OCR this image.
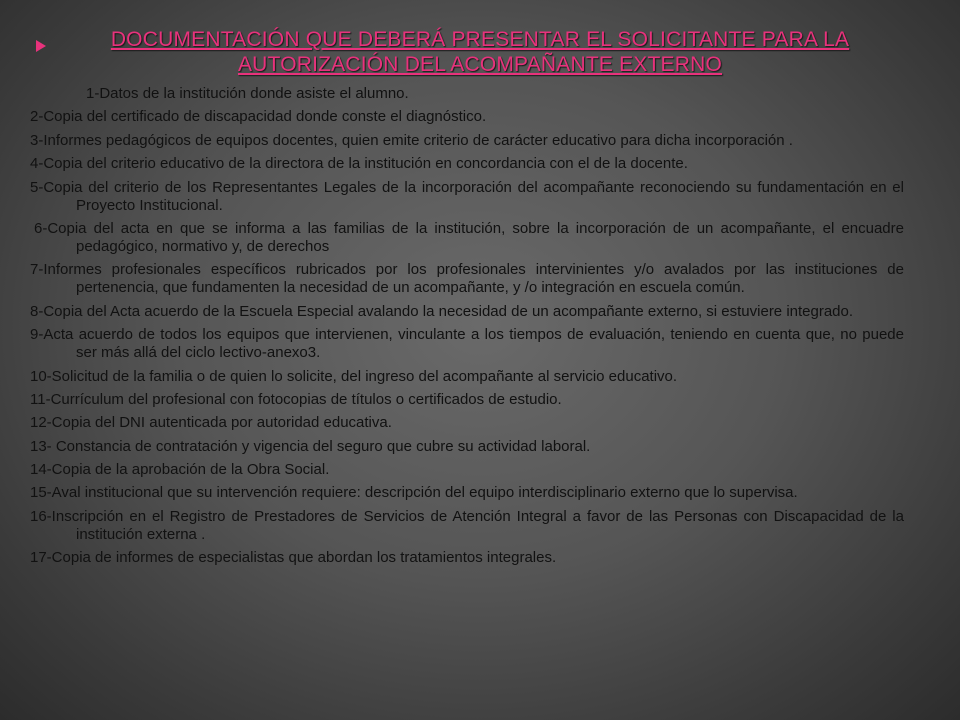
DOCUMENTACIÓN QUE DEBERÁ PRESENTAR EL SOLICITANTE PARA LA
AUTORIZACIÓN DEL ACOMPAÑANTE EXTERNO
1-Datos de la institución donde asiste el alumno.
2-Copia del certificado de discapacidad donde conste el diagnóstico.
3-Informes pedagógicos de equipos docentes, quien emite criterio de carácter educativo para dicha incorporación .
4-Copia del criterio educativo de la directora de la institución en concordancia con el de la docente.
5-Copia del criterio de los Representantes Legales de la incorporación del acompañante reconociendo su fundamentación en el Proyecto Institucional.
6-Copia del acta en que se informa a las familias de la institución, sobre la incorporación de un acompañante, el encuadre pedagógico, normativo y, de derechos
7-Informes profesionales específicos rubricados por los profesionales intervinientes y/o avalados por las instituciones de pertenencia, que fundamenten la necesidad de un acompañante, y /o integración en escuela común.
8-Copia del Acta acuerdo de la Escuela Especial avalando la necesidad de un acompañante externo, si estuviere integrado.
9-Acta acuerdo de todos los equipos que intervienen, vinculante a los tiempos de evaluación, teniendo en cuenta que, no puede ser más allá del ciclo lectivo-anexo3.
10-Solicitud de la familia o de quien lo solicite, del ingreso del acompañante al servicio educativo.
11-Currículum del profesional con fotocopias de títulos o certificados de estudio.
12-Copia del DNI autenticada por autoridad educativa.
13- Constancia de contratación y vigencia del seguro que cubre su actividad laboral.
14-Copia de la aprobación de la Obra Social.
15-Aval institucional que su intervención requiere: descripción del equipo interdisciplinario externo que lo supervisa.
16-Inscripción en el Registro de Prestadores de Servicios de Atención Integral a favor de las Personas con Discapacidad de la institución externa .
17-Copia de informes de especialistas que abordan los tratamientos integrales.
